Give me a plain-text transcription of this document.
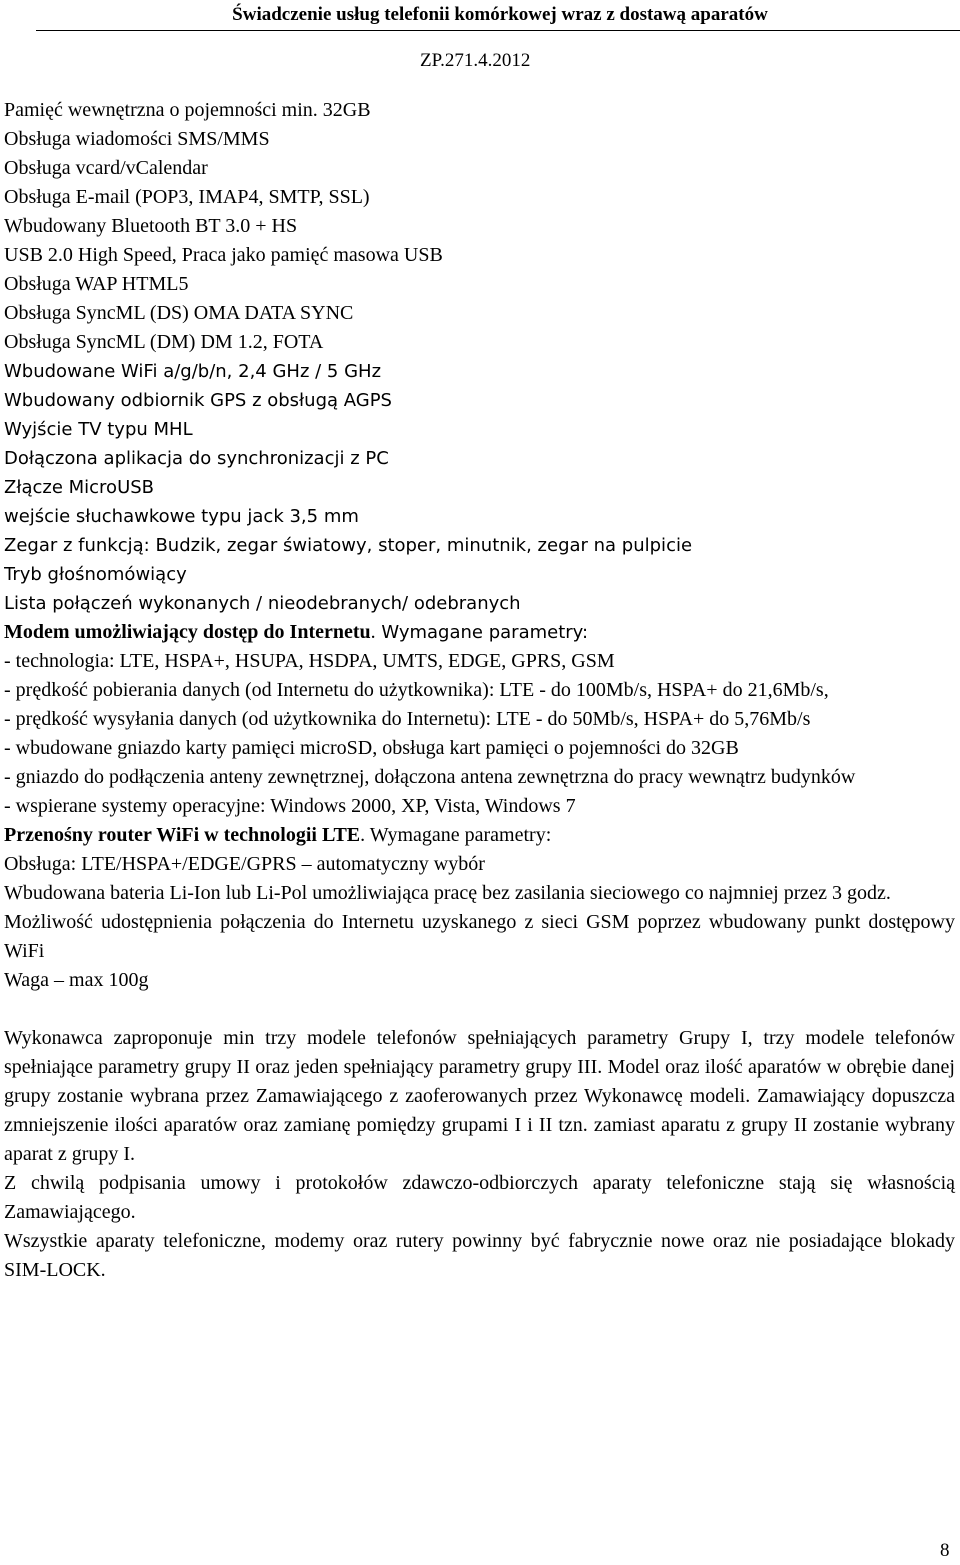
Świadczenie usług telefonii komórkowej wraz z dostawą aparatów
ZP.271.4.2012
Pamięć wewnętrzna o pojemności min. 32GB
Obsługa wiadomości SMS/MMS
Obsługa vcard/vCalendar
Obsługa E-mail (POP3, IMAP4, SMTP, SSL)
Wbudowany Bluetooth BT 3.0 + HS
USB 2.0 High Speed, Praca jako pamięć masowa USB
Obsługa WAP HTML5
Obsługa SyncML (DS) OMA DATA SYNC
Obsługa SyncML (DM) DM 1.2, FOTA
Wbudowane WiFi a/g/b/n, 2,4 GHz / 5 GHz
Wbudowany odbiornik GPS z obsługą AGPS
Wyjście TV typu MHL
Dołączona aplikacja do synchronizacji z PC
Złącze MicroUSB
wejście słuchawkowe typu jack 3,5 mm
Zegar z funkcją: Budzik, zegar światowy, stoper, minutnik, zegar na pulpicie
Tryb głośnomówiący
Lista połączeń wykonanych / nieodebranych/ odebranych
Modem umożliwiający dostęp do Internetu. Wymagane parametry:
- technologia: LTE, HSPA+, HSUPA, HSDPA, UMTS, EDGE, GPRS, GSM
- prędkość pobierania danych (od Internetu do użytkownika): LTE - do 100Mb/s, HSPA+ do 21,6Mb/s,
- prędkość wysyłania danych (od użytkownika do Internetu): LTE - do 50Mb/s, HSPA+ do 5,76Mb/s
- wbudowane gniazdo karty pamięci microSD, obsługa kart pamięci o pojemności do 32GB
- gniazdo do podłączenia anteny zewnętrznej, dołączona antena zewnętrzna do pracy wewnątrz budynków
- wspierane systemy operacyjne: Windows 2000, XP, Vista, Windows 7
Przenośny router WiFi w technologii LTE. Wymagane parametry:
Obsługa: LTE/HSPA+/EDGE/GPRS – automatyczny wybór
Wbudowana bateria Li-Ion lub Li-Pol umożliwiająca pracę bez zasilania sieciowego co najmniej przez 3 godz.
Możliwość udostępnienia połączenia do Internetu uzyskanego z sieci GSM poprzez wbudowany punkt dostępowy WiFi
Waga – max 100g
Wykonawca zaproponuje min trzy modele telefonów spełniających parametry Grupy I, trzy modele telefonów spełniające parametry grupy II oraz jeden spełniający parametry grupy III. Model oraz ilość aparatów w obrębie danej grupy zostanie wybrana przez Zamawiającego z zaoferowanych przez Wykonawcę modeli. Zamawiający dopuszcza zmniejszenie ilości aparatów oraz zamianę pomiędzy grupami I i II tzn. zamiast aparatu z grupy II zostanie wybrany aparat z grupy I.
Z chwilą podpisania umowy i protokołów zdawczo-odbiorczych aparaty telefoniczne stają się własnością Zamawiającego.
Wszystkie aparaty telefoniczne, modemy oraz rutery powinny być fabrycznie nowe oraz nie posiadające blokady SIM-LOCK.
8
